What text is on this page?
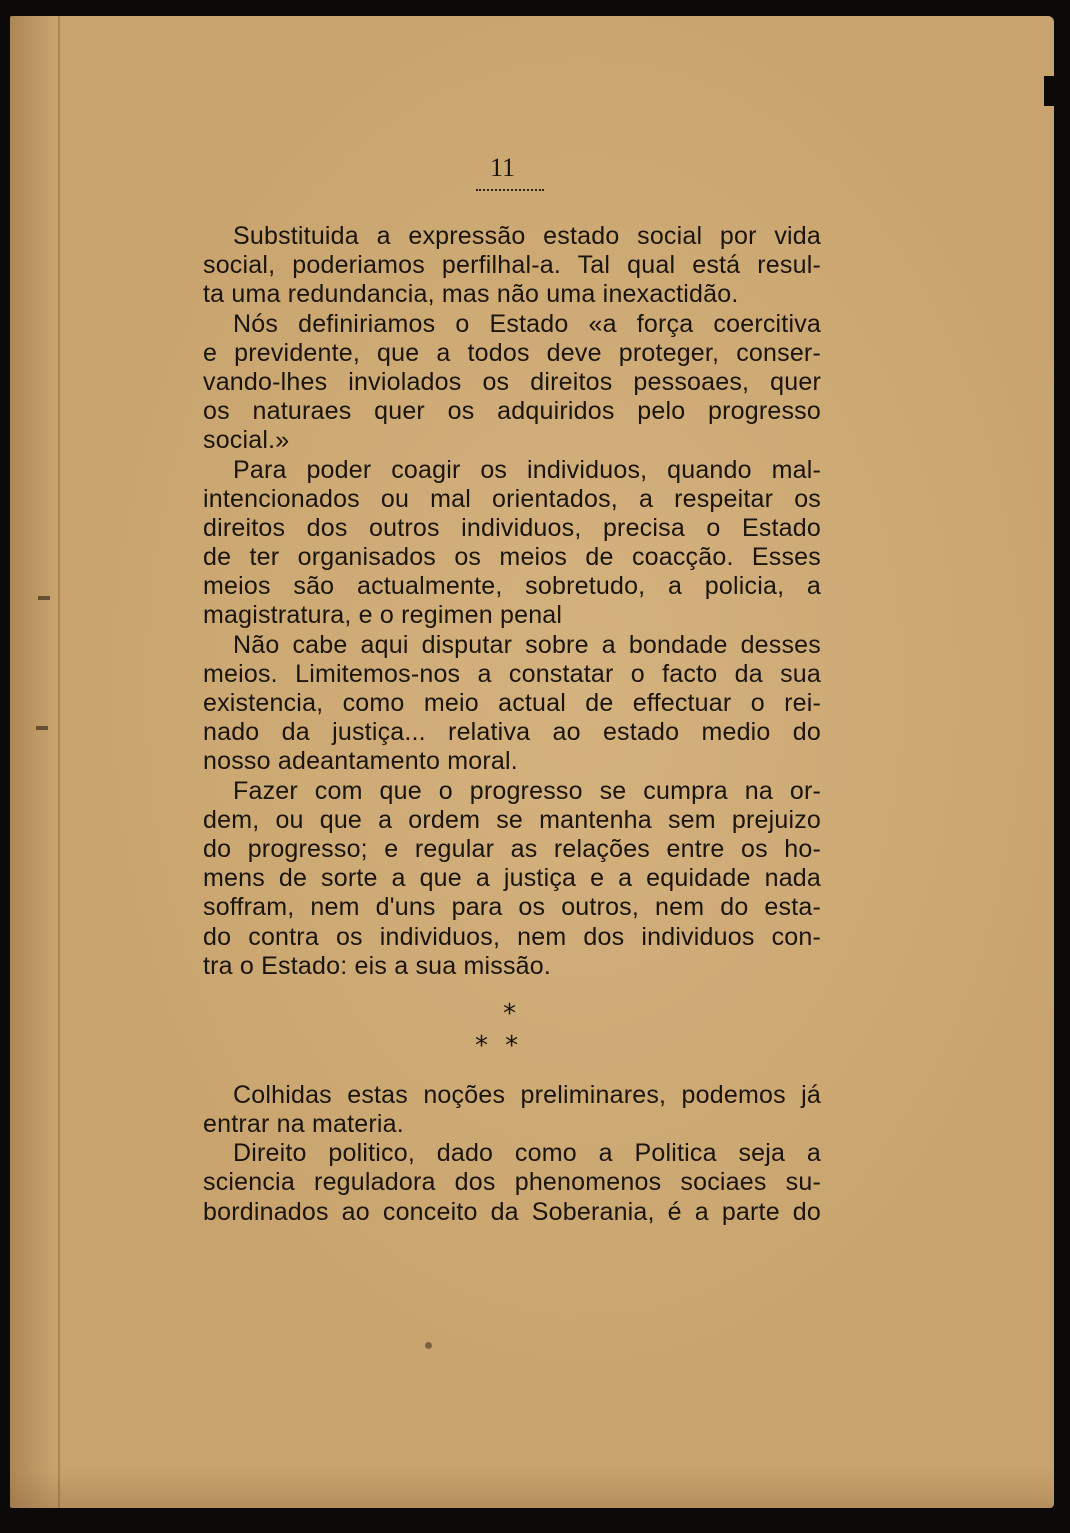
11
Substituida a expressão estado social por vida
social, poderiamos perfilhal-a. Tal qual está resul-
ta uma redundancia, mas não uma inexactidão.
Nós definiriamos o Estado «a força coercitiva
e previdente, que a todos deve proteger, conser-
vando-lhes inviolados os direitos pessoaes, quer
os naturaes quer os adquiridos pelo progresso
social.»
Para poder coagir os individuos, quando mal-
intencionados ou mal orientados, a respeitar os
direitos dos outros individuos, precisa o Estado
de ter organisados os meios de coacção. Esses
meios são actualmente, sobretudo, a policia, a
magistratura, e o regimen penal
Não cabe aqui disputar sobre a bondade desses
meios. Limitemos-nos a constatar o facto da sua
existencia, como meio actual de effectuar o rei-
nado da justiça... relativa ao estado medio do
nosso adeantamento moral.
Fazer com que o progresso se cumpra na or-
dem, ou que a ordem se mantenha sem prejuizo
do progresso; e regular as relações entre os ho-
mens de sorte a que a justiça e a equidade nada
soffram, nem d'uns para os outros, nem do esta-
do contra os individuos, nem dos individuos con-
tra o Estado: eis a sua missão.
*
*  *
Colhidas estas noções preliminares, podemos já
entrar na materia.
Direito politico, dado como a Politica seja a
sciencia reguladora dos phenomenos sociaes su-
bordinados ao conceito da Soberania, é a parte do
